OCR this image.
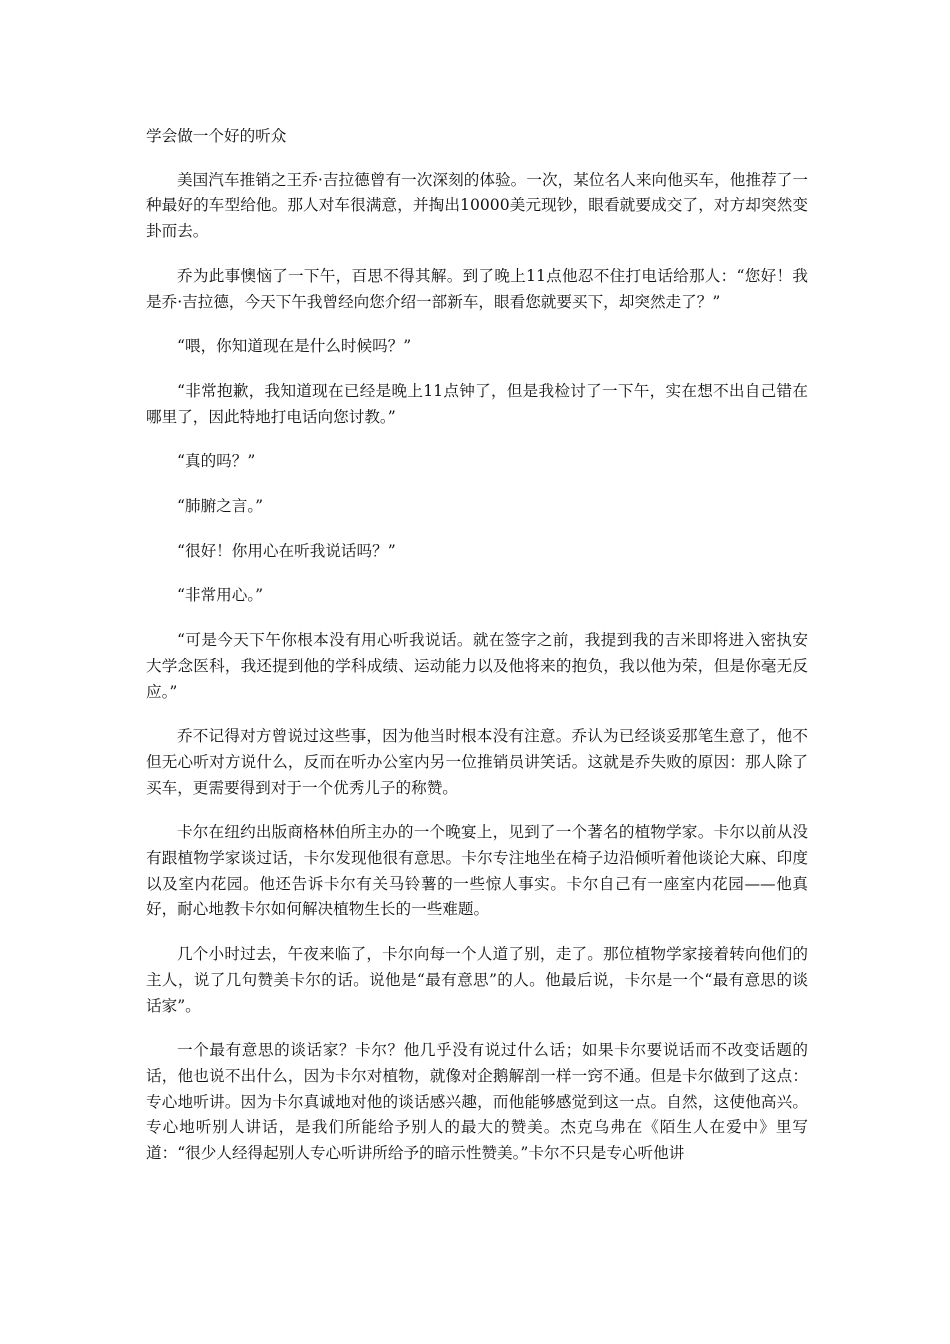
学会做一个好的听众

美国汽车推销之王乔·吉拉德曾有一次深刻的体验。一次，某位名人来向他买车，他推荐了一种最好的车型给他。那人对车很满意，并掏出10000美元现钞，眼看就要成交了，对方却突然变卦而去。

乔为此事懊恼了一下午，百思不得其解。到了晚上11点他忍不住打电话给那人：“您好！我是乔·吉拉德，今天下午我曾经向您介绍一部新车，眼看您就要买下，却突然走了？”

“喂，你知道现在是什么时候吗？”

“非常抱歉，我知道现在已经是晚上11点钟了，但是我检讨了一下午，实在想不出自己错在哪里了，因此特地打电话向您讨教。”

“真的吗？”

“肺腑之言。”

“很好！你用心在听我说话吗？”

“非常用心。”

“可是今天下午你根本没有用心听我说话。就在签字之前，我提到我的吉米即将进入密执安大学念医科，我还提到他的学科成绩、运动能力以及他将来的抱负，我以他为荣，但是你毫无反应。”

乔不记得对方曾说过这些事，因为他当时根本没有注意。乔认为已经谈妥那笔生意了，他不但无心听对方说什么，反而在听办公室内另一位推销员讲笑话。这就是乔失败的原因：那人除了买车，更需要得到对于一个优秀儿子的称赞。

卡尔在纽约出版商格林伯所主办的一个晚宴上，见到了一个著名的植物学家。卡尔以前从没有跟植物学家谈过话，卡尔发现他很有意思。卡尔专注地坐在椅子边沿倾听着他谈论大麻、印度以及室内花园。他还告诉卡尔有关马铃薯的一些惊人事实。卡尔自己有一座室内花园——他真好，耐心地教卡尔如何解决植物生长的一些难题。

几个小时过去，午夜来临了，卡尔向每一个人道了别，走了。那位植物学家接着转向他们的主人，说了几句赞美卡尔的话。说他是“最有意思”的人。他最后说，卡尔是一个“最有意思的谈话家”。

一个最有意思的谈话家？卡尔？他几乎没有说过什么话；如果卡尔要说话而不改变话题的话，他也说不出什么，因为卡尔对植物，就像对企鹅解剖一样一窍不通。但是卡尔做到了这点：专心地听讲。因为卡尔真诚地对他的谈话感兴趣，而他能够感觉到这一点。自然，这使他高兴。专心地听别人讲话，是我们所能给予别人的最大的赞美。杰克乌弗在《陌生人在爱中》里写道：“很少人经得起别人专心听讲所给予的暗示性赞美。”卡尔不只是专心听他讲
